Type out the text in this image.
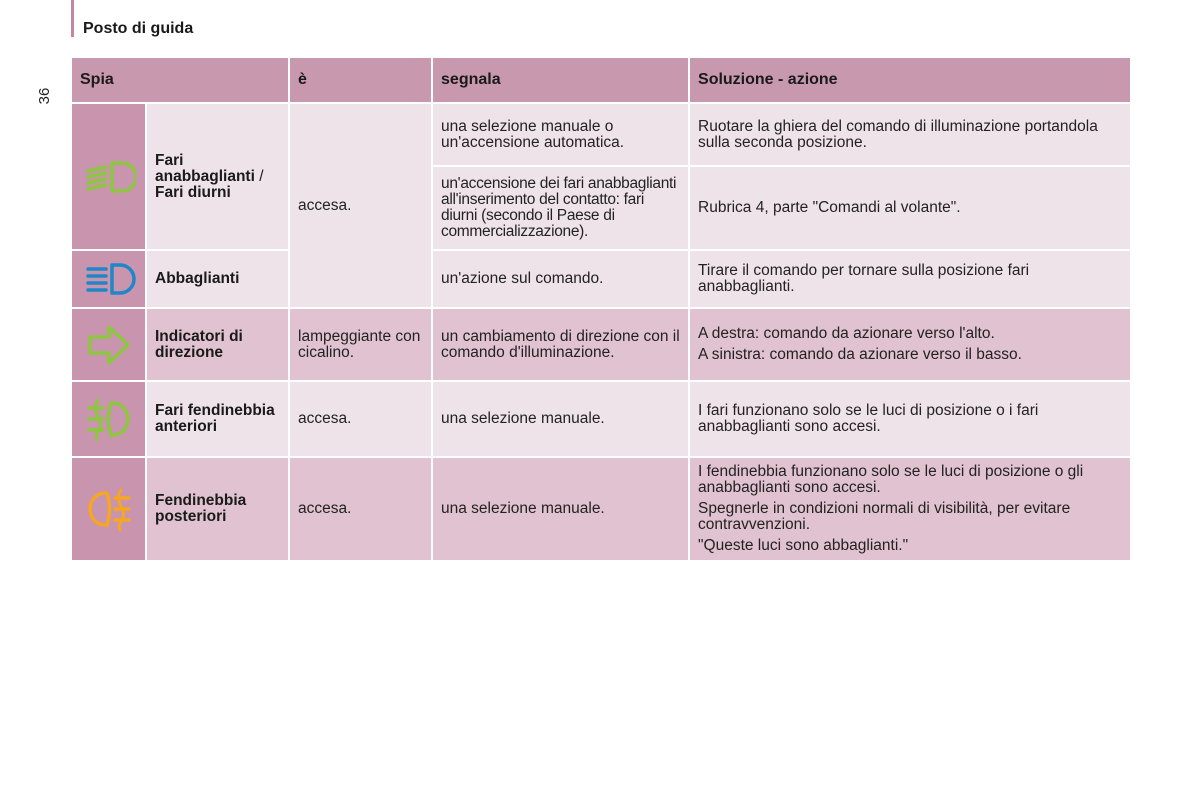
Posto di guida
36
Spia		è	segnala	Soluzione - azione

	Fari anabbaglianti / Fari diurni	accesa.	una selezione manuale o un'accensione automatica.	Ruotare la ghiera del comando di illuminazione portandola sulla seconda posizione.
			un'accensione dei fari anabbaglianti all'inserimento del contatto: fari diurni (secondo il Paese di commercializzazione).	Rubrica 4, parte "Comandi al volante".

	Abbaglianti		un'azione sul comando.	Tirare il comando per tornare sulla posizione fari anabbaglianti.

	Indicatori di direzione	lampeggiante con cicalino.	un cambiamento di direzione con il comando d'illuminazione.	A destra: comando da azionare verso l'alto.

A sinistra: comando da azionare verso il basso.

	Fari fendinebbia anteriori	accesa.	una selezione manuale.	I fari funzionano solo se le luci di posizione o i fari anabbaglianti sono accesi.

	Fendinebbia posteriori	accesa.	una selezione manuale.	I fendinebbia funzionano solo se le luci di posizione o gli anabbaglianti sono accesi.

Spegnerle in condizioni normali di visibilità, per evitare contravvenzioni.

"Queste luci sono abbaglianti."
